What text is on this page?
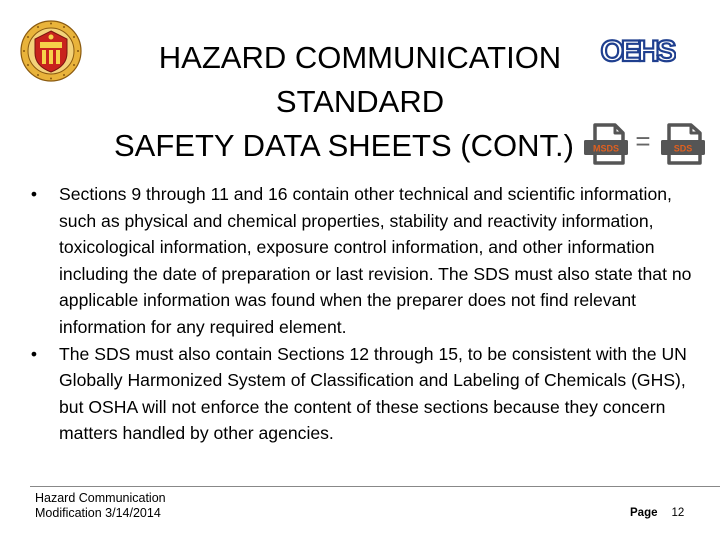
HAZARD COMMUNICATION
STANDARD
SAFETY DATA SHEETS (CONT.)
OEHS
MSDS =	SDS

• Sections 9 through 11 and 16 contain other technical and scientific information, such as physical and chemical properties, stability and reactivity information, toxicological information, exposure control information, and other information including the date of preparation or last revision. The SDS must also state that no applicable information was found when the preparer does not find relevant information for any required element.

• The SDS must also contain Sections 12 through 15, to be consistent with the UN Globally Harmonized System of Classification and Labeling of Chemicals (GHS), but OSHA will not enforce the content of these sections because they concern matters handled by other agencies.

Hazard Communication
Modification 3/14/2014	Page 12
